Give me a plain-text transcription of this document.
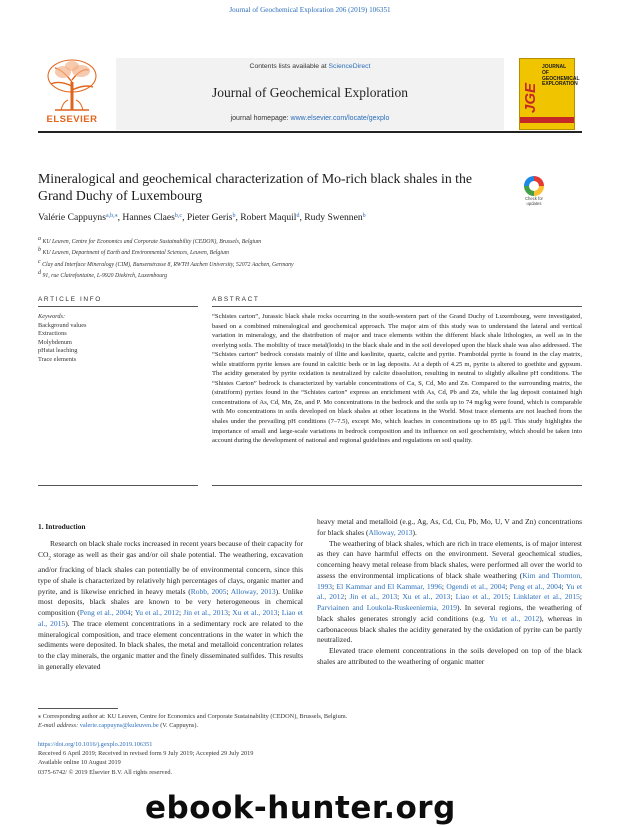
Journal of Geochemical Exploration 206 (2019) 106351
ELSEVIER
Contents lists available at ScienceDirect
Journal of Geochemical Exploration
journal homepage: www.elsevier.com/locate/gexplo
JOURNAL OF GEOCHEMICAL EXPLORATION
JGE
Mineralogical and geochemical characterization of Mo-rich black shales in the Grand Duchy of Luxembourg	Check for updates
Valérie Cappuyns$^{a,b,⁎}$, Hannes Claes$^{b,c}$, Pieter Geris$^b$, Robert Maquil$^d$, Rudy Swennen$^b$
$^a$ KU Leuven, Centre for Economics and Corporate Sustainability (CEDON), Brussels, Belgium
$^b$ KU Leuven, Department of Earth and Environmental Sciences, Leuven, Belgium
$^c$ Clay and Interface Mineralogy (CIM), Bunsenstrasse 8, RWTH Aachen University, 52072 Aachen, Germany
$^d$ 91, rue Clairefontaine, L-9920 Diekirch, Luxembourg
ARTICLE INFO	ABSTRACT
Keywords:
Background values
Extractions
Molybdenum
pHstat leaching
Trace elements
“Schistes carton”, Jurassic black shale rocks occurring in the south-western part of the Grand Duchy of Luxembourg, were investigated, based on a combined mineralogical and geochemical approach. The major aim of this study was to understand the lateral and vertical variation in mineralogy, and the distribution of major and trace elements within the different black shale lithologies, as well as in the overlying soils. The mobility of trace metal(loids) in the black shale and in the soil developed upon the black shale was also addressed. The “Schistes carton” bedrock consists mainly of illite and kaolinite, quartz, calcite and pyrite. Framboidal pyrite is found in the clay matrix, while stratiform pyrite lenses are found in calcitic beds or in lag deposits. At a depth of 4.25 m, pyrite is altered to goethite and gypsum. The acidity generated by pyrite oxidation is neutralized by calcite dissolution, resulting in neutral to slightly alkaline pH conditions. The “Shistes Carton” bedrock is characterized by variable concentrations of Ca, S, Cd, Mo and Zn. Compared to the surrounding matrix, the (stratiform) pyrites found in the “Schistes carton” express an enrichment with As, Cd, Pb and Zn, while the lag deposit contained high concentrations of As, Cd, Mn, Zn, and P. Mo concentrations in the bedrock and the soils up to 74 mg/kg were found, which is comparable with Mo concentrations in soils developed on black shales at other locations in the World. Most trace elements are not leached from the shales under the prevailing pH conditions (7–7.5), except Mo, which leaches in concentrations up to 85 μg/l. This study highlights the importance of small and large-scale variations in bedrock composition and its influence on soil geochemistry, which should be taken into account during the development of national and regional guidelines and regulations on soil quality.
1. Introduction

Research on black shale rocks increased in recent years because of their capacity for $CO_2$ storage as well as their gas and/or oil shale potential. The weathering, excavation and/or fracking of black shales can potentially be of environmental concern, since this type of shale is characterized by relatively high percentages of clays, organic matter and pyrite, and is likewise enriched in heavy metals (Robb, 2005; Alloway, 2013). Unlike most deposits, black shales are known to be very heterogeneous in chemical composition (Peng et al., 2004; Yu et al., 2012; Jin et al., 2013; Xu et al., 2013; Liao et al., 2015). The trace element concentrations in a sedimentary rock are related to the mineralogical composition, and trace element concentrations in the water in which the sediments were deposited. In black shales, the metal and metalloid concentration relates to the clay minerals, the organic matter and the finely disseminated sulfides. This results in generally elevated

heavy metal and metalloid (e.g., Ag, As, Cd, Cu, Pb, Mo, U, V and Zn) concentrations for black shales (Alloway, 2013).

The weathering of black shales, which are rich in trace elements, is of major interest as they can have harmful effects on the environment. Several geochemical studies, concerning heavy metal release from black shales, were performed all over the world to assess the environmental implications of black shale weathering (Kim and Thornton, 1993; El Kammar and El Kammar, 1996; Ogendi et al., 2004; Peng et al., 2004; Yu et al., 2012; Jin et al., 2013; Xu et al., 2013; Liao et al., 2015; Linklater et al., 2015; Parviainen and Loukola-Ruskeeniemia, 2019). In several regions, the weathering of black shales generates strongly acid conditions (e.g. Yu et al., 2012), whereas in carbonaceous black shales the acidity generated by the oxidation of pyrite can be partly neutralized.

Elevated trace element concentrations in the soils developed on top of the black shales are attributed to the weathering of organic matter

⁎ Corresponding author at: KU Leuven, Centre for Economics and Corporate Sustainability (CEDON), Brussels, Belgium.
E-mail address: valerie.cappuyns@kuleuven.be (V. Cappuyns).
https://doi.org/10.1016/j.gexplo.2019.106351
Received 6 April 2019; Received in revised form 9 July 2019; Accepted 29 July 2019
Available online 10 August 2019
0375-6742/ © 2019 Elsevier B.V. All rights reserved.
ebook-hunter.org
